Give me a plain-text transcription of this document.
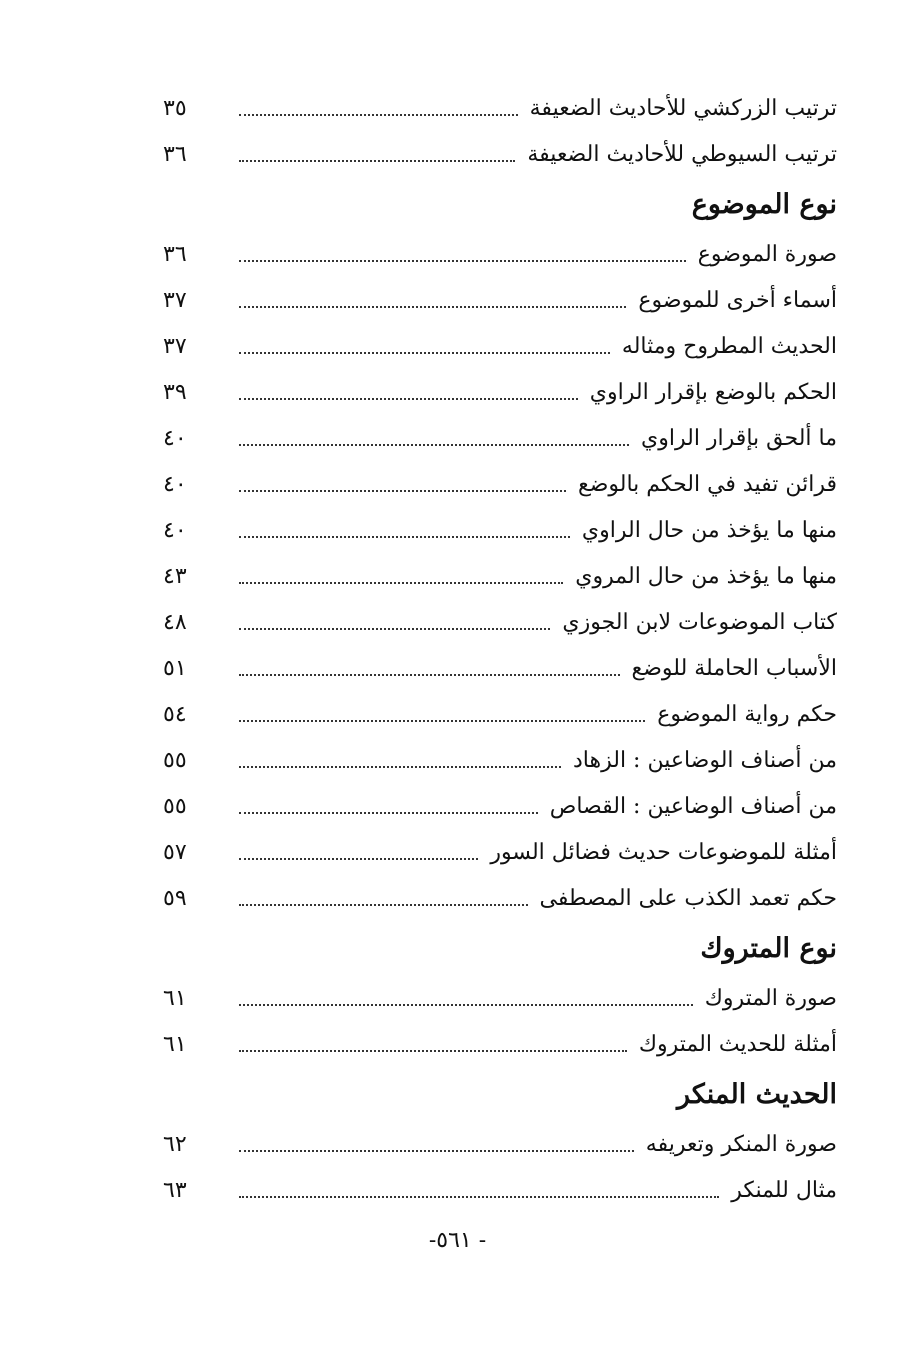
ترتيب الزركشي للأحاديث الضعيفة
٣٥
ترتيب السيوطي للأحاديث الضعيفة
٣٦
نوع الموضوع
صورة الموضوع
٣٦
أسماء أخرى للموضوع
٣٧
الحديث المطروح ومثاله
٣٧
الحكم بالوضع بإقرار الراوي
٣٩
ما ألحق بإقرار الراوي
٤٠
قرائن تفيد في الحكم بالوضع
٤٠
منها ما يؤخذ من حال الراوي
٤٠
منها ما يؤخذ من حال المروي
٤٣
كتاب الموضوعات لابن الجوزي
٤٨
الأسباب الحاملة للوضع
٥١
حكم رواية الموضوع
٥٤
من أصناف الوضاعين : الزهاد
٥٥
من أصناف الوضاعين : القصاص
٥٥
أمثلة للموضوعات حديث فضائل السور
٥٧
حكم تعمد الكذب على المصطفى
٥٩
نوع المتروك
صورة المتروك
٦١
أمثلة للحديث المتروك
٦١
الحديث المنكر
صورة المنكر وتعريفه
٦٢
مثال للمنكر
٦٣
- ٥٦١-
